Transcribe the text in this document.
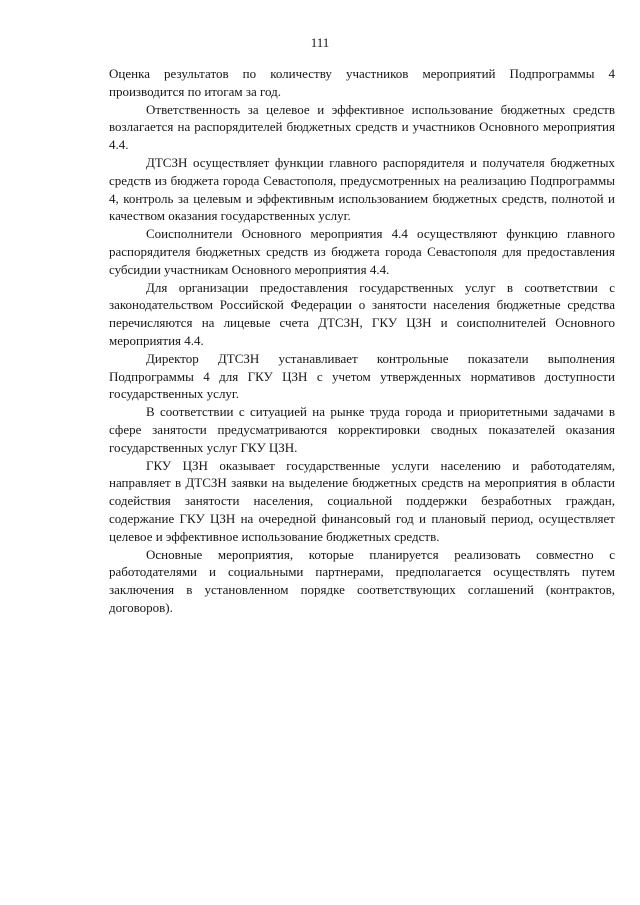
111

Оценка результатов по количеству участников мероприятий Подпрограммы 4 производится по итогам за год.

Ответственность за целевое и эффективное использование бюджетных средств возлагается на распорядителей бюджетных средств и участников Основного мероприятия 4.4.

ДТСЗН осуществляет функции главного распорядителя и получателя бюджетных средств из бюджета города Севастополя, предусмотренных на реализацию Подпрограммы 4, контроль за целевым и эффективным использованием бюджетных средств, полнотой и качеством оказания государственных услуг.

Соисполнители Основного мероприятия 4.4 осуществляют функцию главного распорядителя бюджетных средств из бюджета города Севастополя для предоставления субсидии участникам Основного мероприятия 4.4.

Для организации предоставления государственных услуг в соответствии с законодательством Российской Федерации о занятости населения бюджетные средства перечисляются на лицевые счета ДТСЗН, ГКУ ЦЗН и соисполнителей Основного мероприятия 4.4.

Директор ДТСЗН устанавливает контрольные показатели выполнения Подпрограммы 4 для ГКУ ЦЗН с учетом утвержденных нормативов доступности государственных услуг.

В соответствии с ситуацией на рынке труда города и приоритетными задачами в сфере занятости предусматриваются корректировки сводных показателей оказания государственных услуг ГКУ ЦЗН.

ГКУ ЦЗН оказывает государственные услуги населению и работодателям, направляет в ДТСЗН заявки на выделение бюджетных средств на мероприятия в области содействия занятости населения, социальной поддержки безработных граждан, содержание ГКУ ЦЗН на очередной финансовый год и плановый период, осуществляет целевое и эффективное использование бюджетных средств.

Основные мероприятия, которые планируется реализовать совместно с работодателями и социальными партнерами, предполагается осуществлять путем заключения в установленном порядке соответствующих соглашений (контрактов, договоров).
